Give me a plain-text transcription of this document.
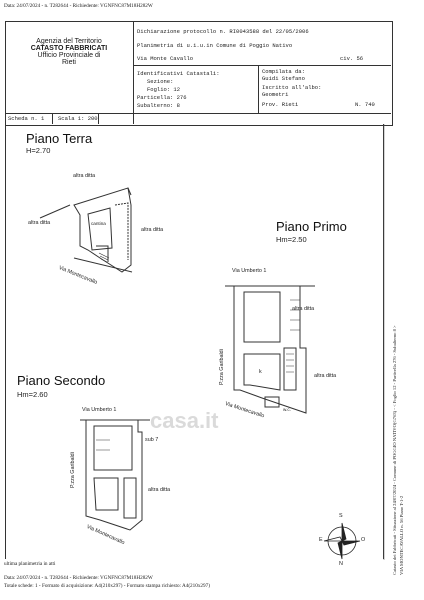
Data: 24/07/2024 - n. T282644 - Richiedente: VGNFNC87M18H282W
Agenzia del Territorio
CATASTO FABBRICATI
Ufficio Provinciale di
Rieti
Dichiarazione protocollo n. RI0043588 del 22/05/2006
Planimetria di u.i.u.in Comune di Poggio Nativo
Via Monte Cavallo	civ. 56
Identificativi Catastali:
Sezione:
Foglio: 12
Particella: 276
Subalterno: 8
Compilata da:
Guidi Stefano
Iscritto all'albo:
Geometri
Prov. Rieti	N. 740
Scheda n. 1 Scala 1: 200
Piano Terra
H=2.70
Piano Primo
Hm=2.50
Piano Secondo
Hm=2.60
altra ditta
altra ditta
altra ditta
cantina
Via Montecavallo	Via Umberto 1
altra ditta
P.zza Garibaldi	k
altra ditta
Via Montecavallo	w.c.
Via Umberto 1
P.zza Garibaldi
sub 7
altra ditta
Via Montecavallo
casa.it
S
N
E	O	Catasto dei Fabbricati - Situazione al 24/07/2024 - Comune di POGGIO NATIVO(G763) - < Foglio 12 - Particella 276 - Subalterno 8 > VIA MONTECAVALLO n. 56 Piano T-1-2
ultima planimetria in atti
Data: 24/07/2024 - n. T282644 - Richiedente: VGNFNC87M18H282W
Totale schede: 1 - Formato di acquisizione: A4(210x297) - Formato stampa richiesto: A4(210x297)
